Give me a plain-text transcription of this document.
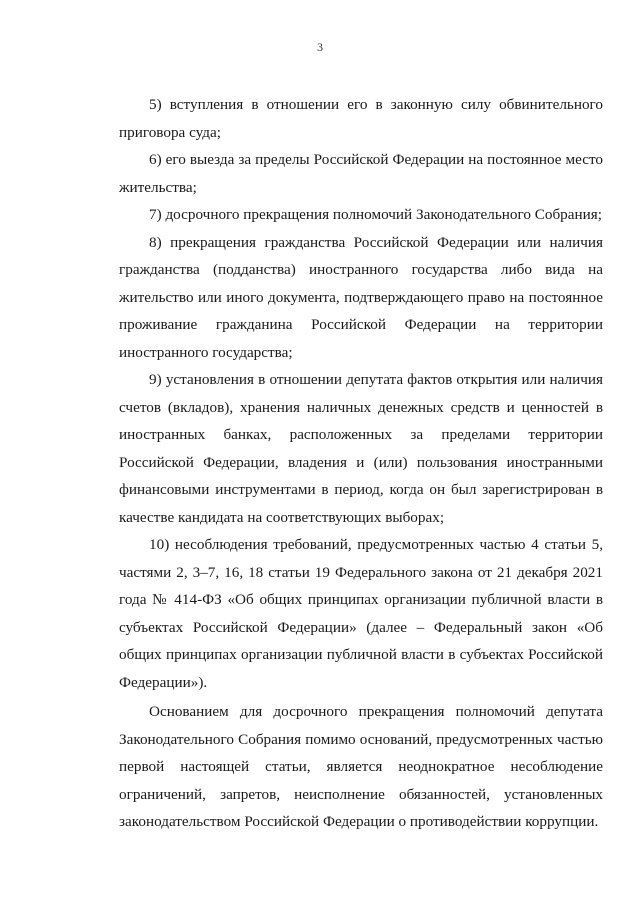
3

5) вступления в отношении его в законную силу обвинительного приговора суда;

6) его выезда за пределы Российской Федерации на постоянное место жительства;

7) досрочного прекращения полномочий Законодательного Собрания;

8) прекращения гражданства Российской Федерации или наличия гражданства (подданства) иностранного государства либо вида на жительство или иного документа, подтверждающего право на постоянное проживание гражданина Российской Федерации на территории иностранного государства;

9) установления в отношении депутата фактов открытия или наличия счетов (вкладов), хранения наличных денежных средств и ценностей в иностранных банках, расположенных за пределами территории Российской Федерации, владения и (или) пользования иностранными финансовыми инструментами в период, когда он был зарегистрирован в качестве кандидата на соответствующих выборах;

10) несоблюдения требований, предусмотренных частью 4 статьи 5, частями 2, 3–7, 16, 18 статьи 19 Федерального закона от 21 декабря 2021 года № 414-ФЗ «Об общих принципах организации публичной власти в субъектах Российской Федерации» (далее – Федеральный закон «Об общих принципах организации публичной власти в субъектах Российской Федерации»).

Основанием для досрочного прекращения полномочий депутата Законодательного Собрания помимо оснований, предусмотренных частью первой настоящей статьи, является неоднократное несоблюдение ограничений, запретов, неисполнение обязанностей, установленных законодательством Российской Федерации о противодействии коррупции.
